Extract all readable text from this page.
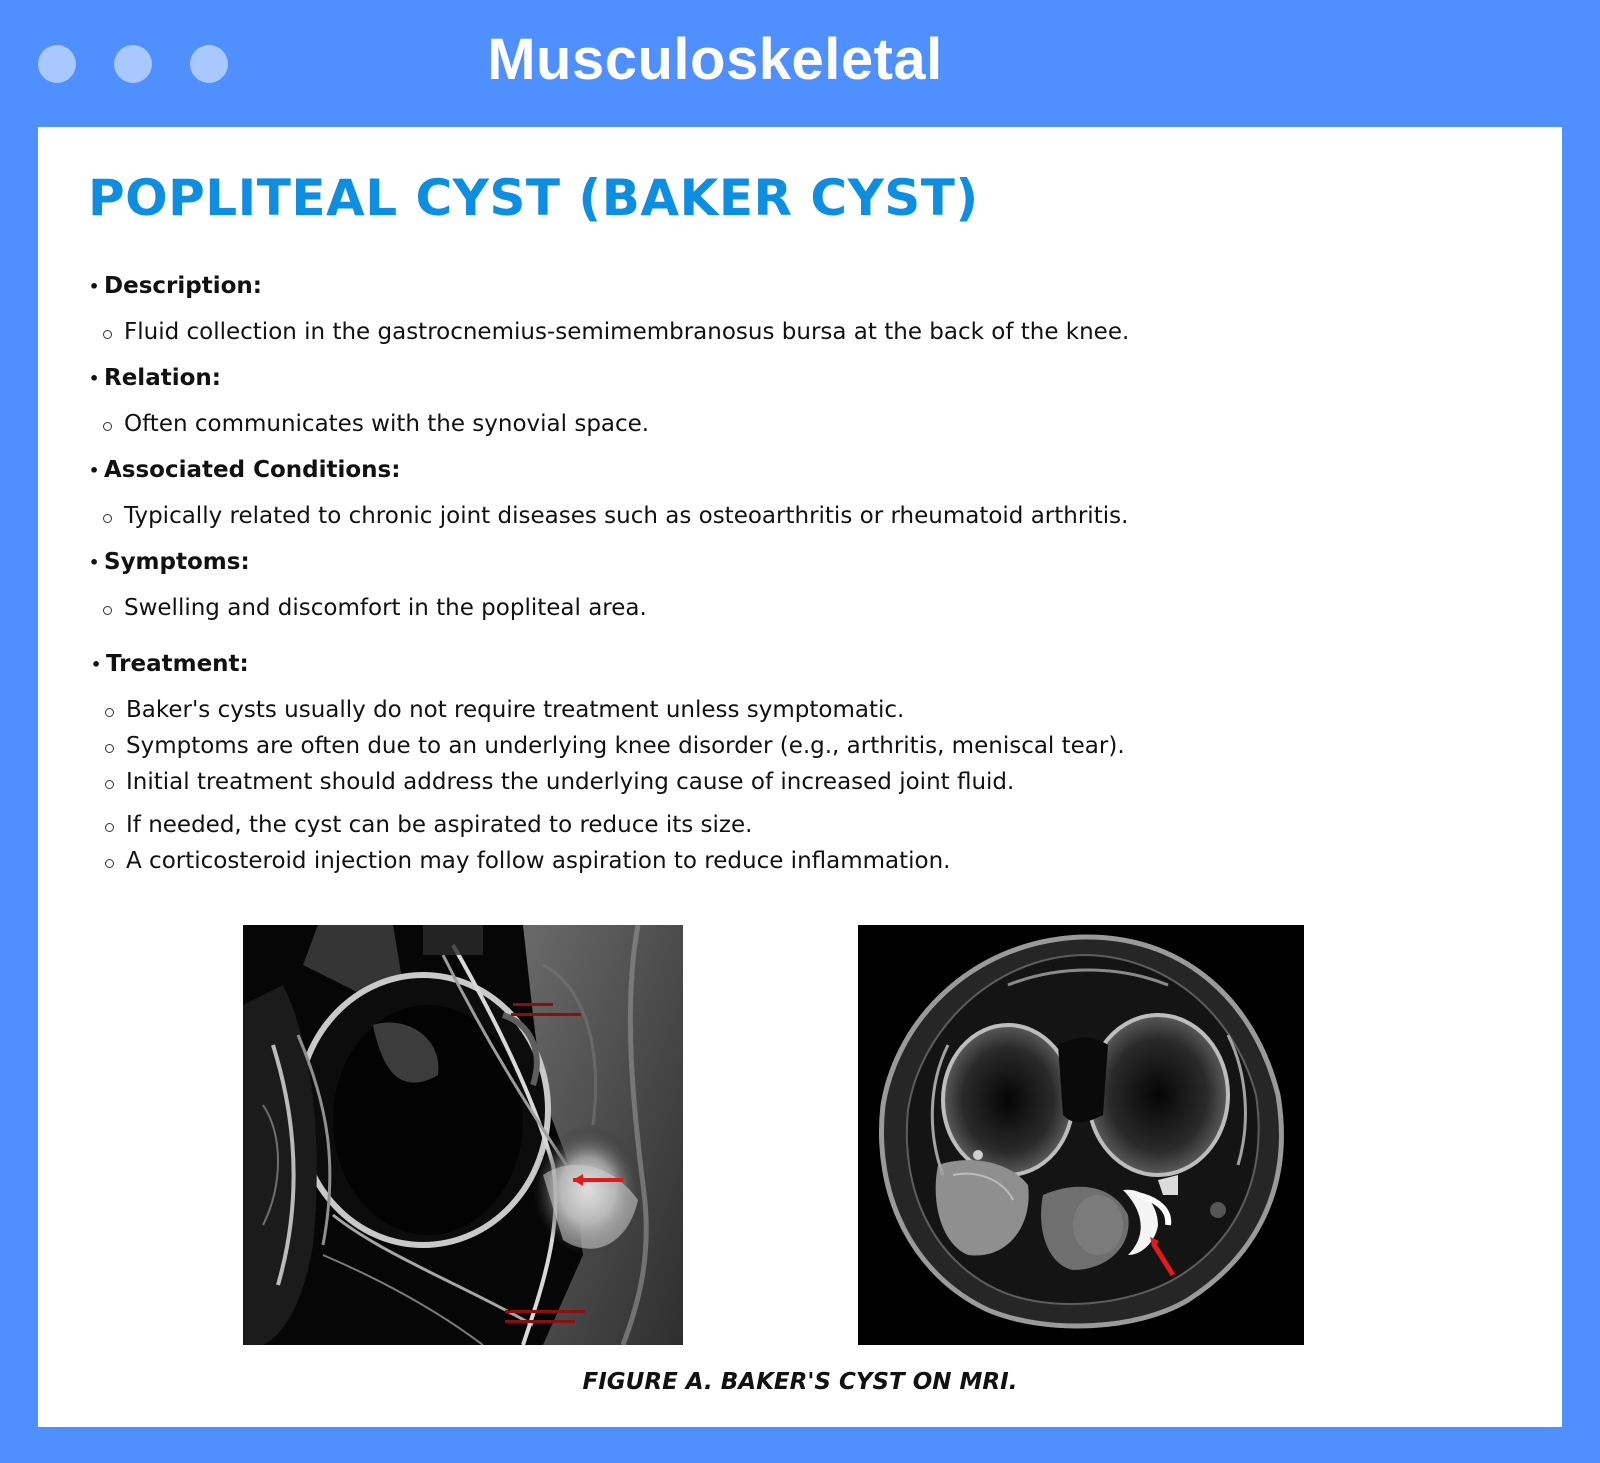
Musculoskeletal
POPLITEAL CYST (BAKER CYST)
• Description:
Fluid collection in the gastrocnemius-semimembranosus bursa at the back of the knee.
• Relation:
Often communicates with the synovial space.
• Associated Conditions:
Typically related to chronic joint diseases such as osteoarthritis or rheumatoid arthritis.
• Symptoms:
Swelling and discomfort in the popliteal area.
• Treatment:
Baker's cysts usually do not require treatment unless symptomatic.
Symptoms are often due to an underlying knee disorder (e.g., arthritis, meniscal tear).
Initial treatment should address the underlying cause of increased joint fluid.
If needed, the cyst can be aspirated to reduce its size.
A corticosteroid injection may follow aspiration to reduce inflammation.
FIGURE A. BAKER'S CYST ON MRI.
